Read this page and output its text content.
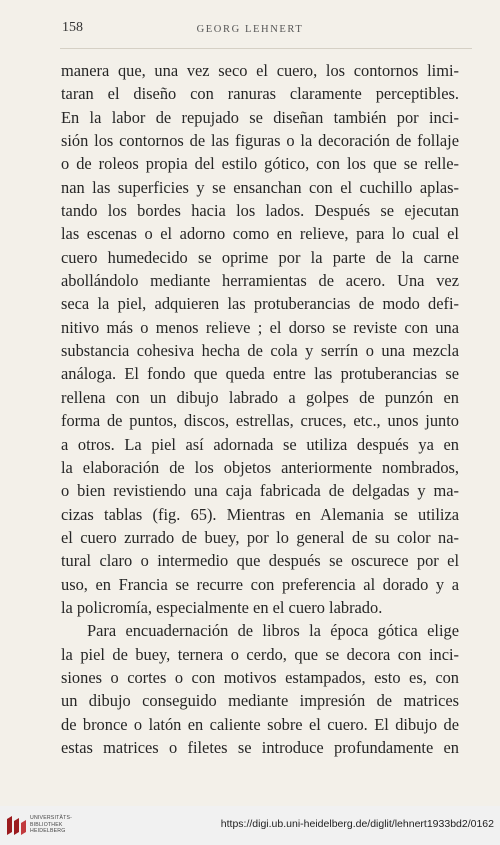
158	GEORG LEHNERT
manera que, una vez seco el cuero, los contornos limi-
taran el diseño con ranuras claramente perceptibles.
En la labor de repujado se diseñan también por inci-
sión los contornos de las figuras o la decoración de follaje
o de roleos propia del estilo gótico, con los que se relle-
nan las superficies y se ensanchan con el cuchillo aplas-
tando los bordes hacia los lados. Después se ejecutan
las escenas o el adorno como en relieve, para lo cual el
cuero humedecido se oprime por la parte de la carne
abollándolo mediante herramientas de acero. Una vez
seca la piel, adquieren las protuberancias de modo defi-
nitivo más o menos relieve ; el dorso se reviste con una
substancia cohesiva hecha de cola y serrín o una mezcla
análoga. El fondo que queda entre las protuberancias se
rellena con un dibujo labrado a golpes de punzón en
forma de puntos, discos, estrellas, cruces, etc., unos junto
a otros. La piel así adornada se utiliza después ya en
la elaboración de los objetos anteriormente nombrados,
o bien revistiendo una caja fabricada de delgadas y ma-
cizas tablas (fig. 65). Mientras en Alemania se utiliza
el cuero zurrado de buey, por lo general de su color na-
tural claro o intermedio que después se oscurece por el
uso, en Francia se recurre con preferencia al dorado y a
la policromía, especialmente en el cuero labrado.
Para encuadernación de libros la época gótica elige
la piel de buey, ternera o cerdo, que se decora con inci-
siones o cortes o con motivos estampados, esto es, con
un dibujo conseguido mediante impresión de matrices
de bronce o latón en caliente sobre el cuero. El dibujo de
estas matrices o filetes se introduce profundamente en
UNIVERSITÄTS-
BIBLIOTHEK
HEIDELBERG
https://digi.ub.uni-heidelberg.de/diglit/lehnert1933bd2/0162
